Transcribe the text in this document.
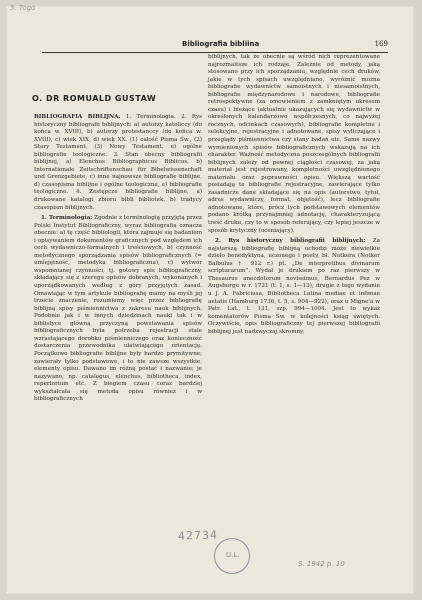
5. Togo
Bibliografia bibliina	169
O. DR ROMUALD GUSTAW

BIBLIOGRAFIA BIBLIJNA. 1. Terminologia. 2. Rys historyczny bibliografii biblijnych: a) autorzy katoliccy (do końca w. XVIII), b) autorzy protestanccy (do końca w. XVIII), c) wiek XIX, d) wiek XX. (1) całość Pisma Św., (2) Stary Testament, (3) Nowy Testament, e) ogólne bibliografie teologiczne. 3. Stan obecny bibliografii biblijnej, a) Elenchus Bibliographicus Biblicus, b) Internationale Zeitschriftenschau für Bibelwissenschaft und Grenzgebiete, c) inne najnowsze bibliografie biblijne, d) czasopisma biblijne i ogólne teologiczne, e) bibliografie teologiczne. 4. Zestępcze bibliografie biblijne, a) drukowane katalogi zbioru bibli bibliotek, b) tradycy czasopism biblijnych.

1. Terminologia: Zgodnie z terminologią przyjętą przez Polski Instytut Bibliograficzny, wyraz bibliografia oznacza obecnie: a) tę część bibliologii, która zajmuje się badaniem i opisywaniem dokumentów graficznych pod względem ich cech wydawniczo-formalnych i treściowych, b) czynność metodycznego sporządzania spisów bibliograficznych (= umiejętność, metodyka bibliograficzna), c) wytwór wspomnianej czynności, tj. gotowy spis bibliograficzny, składający się z szeregu opisów dobranych, wykonanych i uporządkowanych według z góry przyjętych zasad. Omawiając w tym artykule bibliografię mamy na myśli jej trzecie znaczenie, rozumiemy więc przez bibliografię biblijną spisy piśmiennictwa z zakresu nauk biblijnych. Podobnie jak i w innych dziedzinach nauki tak i w biblistyce główną przyczyną powstawania spisów bibliograficznych była potrzeba rejestracji stale wzrastającego dorobku piśmienniczego oraz konieczność dostarczenia przewodnika ułatwiającego orientację. Początkowo bibliografie biblijne były bardzo prymitywne; zawierały tylko podstawowe, i to nie zawsze wszystkie, elementy opisu. Dawano im różną postać i nazwanie; je nazywano, np. catalogus, elenchus, bibliotheca, index, repertorium etc. Z biegiem czasu coraz bardziej wykształcała się metoda opisu również i w bibliograficznych

biblijnych, tak że obecnie są wśród nich reprezentowane najrozmaitsze ich rodzaje. Zależnie od metody, jaką stosowano przy ich sporządzaniu, względnie cech druków, jakie w tych spisach uwzględniano, wyróżnić można bibliografie wydawnictw samoistnych i niesamoistnych, bibliografie międzynarodowe i narodowe, bibliografie retrospektywne (za omowieniem z zamkniętym okresem czasu) i bieżące (aktualnie ukazujących się wydawnictw w określonych kalendarzowo współczesnych, co najwyżej rocznych, odcinkach czasowych), bibliografie kompletne i selekcyjne, rejestracyjne i adnotowane, spisy wyliczające i przeglądy piśmiennictwa czy stany badań etc. Same nazwy wymienionych spisów bibliograficznych wskazują na ich charakter. Ważność metodyczna poszczególnych bibliografii biblijnych zależy od pewnej ciągłości czasowej, za jaką materiał jest rejestrowany, kompletności uwzględnionego materiału oraz poprawności opisu. Większą wartość posiadają te bibliografie rejestracyjne, zawierające tylko zasadnicze dane składające się na opis (autorstwo, tytuł, adres wydawniczy, format, objętość), lecz bibliografie adnotowane, które, prócz tych podstawowych elementów podano krótką przynajmniej adnotację, charakteryzującą treść druku, czy to w sposób referujący, czy lepiej jeszcze w sposób krytyczny (oceniający).

2. Rys historyczny bibliografii biblijnych: Za najstarszą bibliografię biblijną uchodzi może niewielkie dzieło benedyktyna, uczonego i poety, bł. Notkera (Notker Balbulus † 912 r.) pt. „De interpretibus divinarum scripturarum”. Wydał je drukiem po raz pierwszy w Thesaurus anecdotorum novissimus, Bernardus Pez w Augsburgu w r. 1721 (t. 1, s. 1—13), drugie z tego wydanie u J. A. Fabriciusa, Bibliotheca Latina mediae et infimae aetatis (Hamburg 1736, t. 5, s. 904—922), oraz u Migne'a w Patr. Lat., t. 131, szp. 994—1004. Jest to wykaz komentatorów Pisma Św. w kolejności ksiąg świętych. Oczywiście, opis bibliograficzny tej pierwszej bibliografii biblijnej jest nadzwyczaj skromny,

42734
U.L.
S. 1942 p. 10
